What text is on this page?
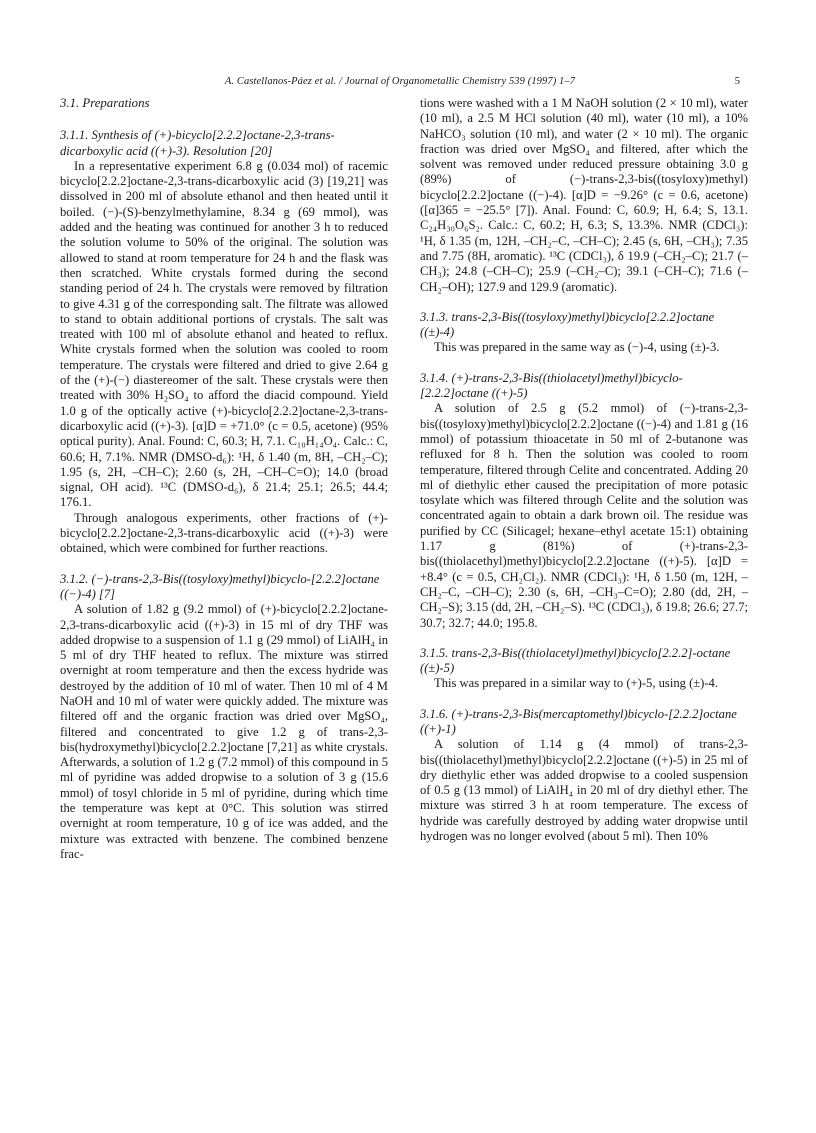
A. Castellanos-Páez et al. / Journal of Organometallic Chemistry 539 (1997) 1–7	5

3.1. Preparations

3.1.1. Synthesis of (+)-bicyclo[2.2.2]octane-2,3-trans-dicarboxylic acid ((+)-3). Resolution [20]

In a representative experiment 6.8 g (0.034 mol) of racemic bicyclo[2.2.2]octane-2,3-trans-dicarboxylic acid (3) [19,21] was dissolved in 200 ml of absolute ethanol and then heated until it boiled. (−)-(S)-benzylmethylamine, 8.34 g (69 mmol), was added and the heating was continued for another 3 h to reduced the solution volume to 50% of the original. The solution was allowed to stand at room temperature for 24 h and the flask was then scratched. White crystals formed during the second standing period of 24 h. The crystals were removed by filtration to give 4.31 g of the corresponding salt. The filtrate was allowed to stand to obtain additional portions of crystals. The salt was treated with 100 ml of absolute ethanol and heated to reflux. White crystals formed when the solution was cooled to room temperature. The crystals were filtered and dried to give 2.64 g of the (+)-(−) diastereomer of the salt. These crystals were then treated with 30% H₂SO₄ to afford the diacid compound. Yield 1.0 g of the optically active (+)-bicyclo[2.2.2]octane-2,3-trans-dicarboxylic acid ((+)-3). [α]D = +71.0° (c = 0.5, acetone) (95% optical purity). Anal. Found: C, 60.3; H, 7.1. C₁₀H₁₄O₄. Calc.: C, 60.6; H, 7.1%. NMR (DMSO-d₆): ¹H, δ 1.40 (m, 8H, –CH₂–C); 1.95 (s, 2H, –CH–C); 2.60 (s, 2H, –CH–C=O); 14.0 (broad signal, OH acid). ¹³C (DMSO-d₆), δ 21.4; 25.1; 26.5; 44.4; 176.1.

Through analogous experiments, other fractions of (+)-bicyclo[2.2.2]octane-2,3-trans-dicarboxylic acid ((+)-3) were obtained, which were combined for further reactions.

3.1.2. (−)-trans-2,3-Bis((tosyloxy)methyl)bicyclo-[2.2.2]octane ((−)-4) [7]

A solution of 1.82 g (9.2 mmol) of (+)-bicyclo[2.2.2]octane-2,3-trans-dicarboxylic acid ((+)-3) in 15 ml of dry THF was added dropwise to a suspension of 1.1 g (29 mmol) of LiAlH₄ in 5 ml of dry THF heated to reflux. The mixture was stirred overnight at room temperature and then the excess hydride was destroyed by the addition of 10 ml of water. Then 10 ml of 4 M NaOH and 10 ml of water were quickly added. The mixture was filtered off and the organic fraction was dried over MgSO₄, filtered and concentrated to give 1.2 g of trans-2,3-bis(hydroxymethyl)bicyclo[2.2.2]octane [7,21] as white crystals. Afterwards, a solution of 1.2 g (7.2 mmol) of this compound in 5 ml of pyridine was added dropwise to a solution of 3 g (15.6 mmol) of tosyl chloride in 5 ml of pyridine, during which time the temperature was kept at 0°C. This solution was stirred overnight at room temperature, 10 g of ice was added, and the mixture was extracted with benzene. The combined benzene frac-

tions were washed with a 1 M NaOH solution (2 × 10 ml), water (10 ml), a 2.5 M HCl solution (40 ml), water (10 ml), a 10% NaHCO₃ solution (10 ml), and water (2 × 10 ml). The organic fraction was dried over MgSO₄ and filtered, after which the solvent was removed under reduced pressure obtaining 3.0 g (89%) of (−)-trans-2,3-bis((tosyloxy)methyl) bicyclo[2.2.2]octane ((−)-4). [α]D = −9.26° (c = 0.6, acetone) ([α]365 = −25.5° [7]). Anal. Found: C, 60.9; H, 6.4; S, 13.1. C₂₄H₃₀O₆S₂. Calc.: C, 60.2; H, 6.3; S, 13.3%. NMR (CDCl₃): ¹H, δ 1.35 (m, 12H, –CH₂–C, –CH–C); 2.45 (s, 6H, –CH₃); 7.35 and 7.75 (8H, aromatic). ¹³C (CDCl₃), δ 19.9 (–CH₂–C); 21.7 (–CH₃); 24.8 (–CH–C); 25.9 (–CH₂–C); 39.1 (–CH–C); 71.6 (–CH₂–OH); 127.9 and 129.9 (aromatic).

3.1.3. trans-2,3-Bis((tosyloxy)methyl)bicyclo[2.2.2]octane ((±)-4)

This was prepared in the same way as (−)-4, using (±)-3.

3.1.4. (+)-trans-2,3-Bis((thiolacetyl)methyl)bicyclo-[2.2.2]octane ((+)-5)

A solution of 2.5 g (5.2 mmol) of (−)-trans-2,3-bis((tosyloxy)methyl)bicyclo[2.2.2]octane ((−)-4) and 1.81 g (16 mmol) of potassium thioacetate in 50 ml of 2-butanone was refluxed for 8 h. Then the solution was cooled to room temperature, filtered through Celite and concentrated. Adding 20 ml of diethylic ether caused the precipitation of more potasic tosylate which was filtered through Celite and the solution was concentrated again to obtain a dark brown oil. The residue was purified by CC (Silicagel; hexane–ethyl acetate 15:1) obtaining 1.17 g (81%) of (+)-trans-2,3-bis((thiolacethyl)methyl)bicyclo[2.2.2]octane ((+)-5). [α]D = +8.4° (c = 0.5, CH₂Cl₂). NMR (CDCl₃): ¹H, δ 1.50 (m, 12H, –CH₂–C, –CH–C); 2.30 (s, 6H, –CH₃–C=O); 2.80 (dd, 2H, –CH₂–S); 3.15 (dd, 2H, –CH₂–S). ¹³C (CDCl₃), δ 19.8; 26.6; 27.7; 30.7; 32.7; 44.0; 195.8.

3.1.5. trans-2,3-Bis((thiolacetyl)methyl)bicyclo[2.2.2]-octane ((±)-5)

This was prepared in a similar way to (+)-5, using (±)-4.

3.1.6. (+)-trans-2,3-Bis(mercaptomethyl)bicyclo-[2.2.2]octane ((+)-1)

A solution of 1.14 g (4 mmol) of trans-2,3-bis((thiolacethyl)methyl)bicyclo[2.2.2]octane ((+)-5) in 25 ml of dry diethylic ether was added dropwise to a cooled suspension of 0.5 g (13 mmol) of LiAlH₄ in 20 ml of dry diethyl ether. The mixture was stirred 3 h at room temperature. The excess of hydride was carefully destroyed by adding water dropwise until hydrogen was no longer evolved (about 5 ml). Then 10%
